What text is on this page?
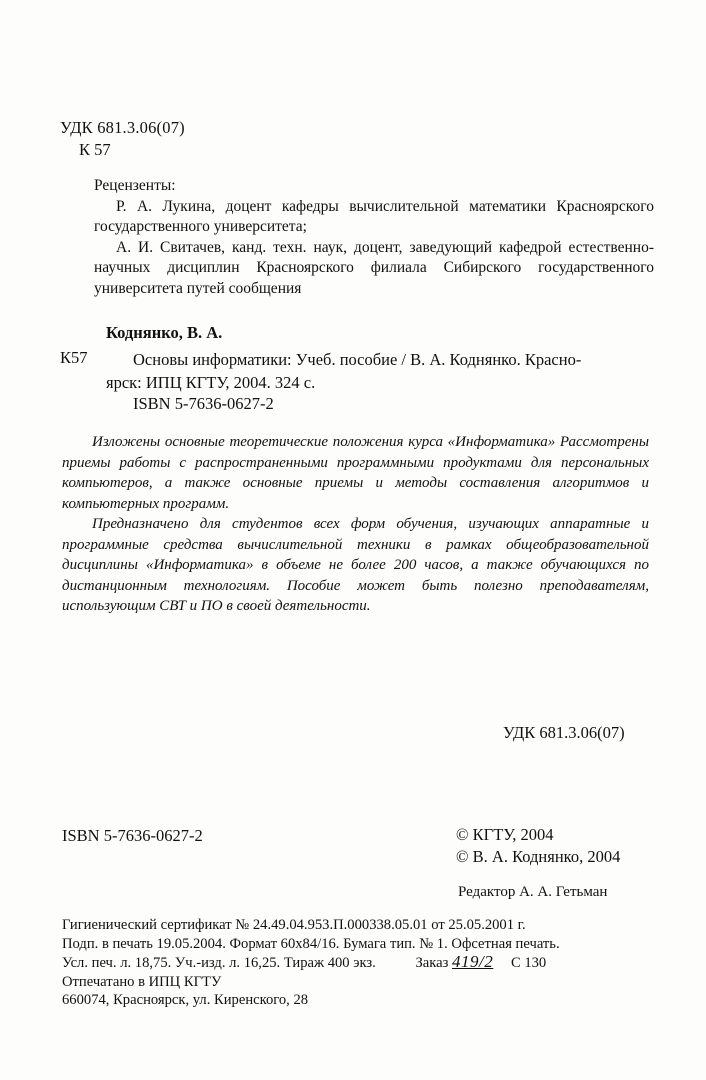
УДК 681.3.06(07)
К 57
Рецензенты:
Р. А. Лукина, доцент кафедры вычислительной математики Красноярского государственного университета;
А. И. Свитачев, канд. техн. наук, доцент, заведующий кафедрой естественно-научных дисциплин Красноярского филиала Сибирского государственного университета путей сообщения
Коднянко, В. А.
К57	Основы информатики: Учеб. пособие / В. А. Коднянко. Красно-
ярск: ИПЦ КГТУ, 2004. 324 с.
ISBN 5-7636-0627-2

Изложены основные теоретические положения курса «Информатика» Рассмотрены приемы работы с распространенными программными продуктами для персональных компьютеров, а также основные приемы и методы составления алгоритмов и компьютерных программ.

Предназначено для студентов всех форм обучения, изучающих аппаратные и программные средства вычислительной техники в рамках общеобразовательной дисциплины «Информатика» в объеме не более 200 часов, а также обучающихся по дистанционным технологиям. Пособие может быть полезно преподавателям, использующим СВТ и ПО в своей деятельности.

УДК 681.3.06(07)
ISBN 5-7636-0627-2	© КГТУ, 2004
© В. А. Коднянко, 2004
Редактор А. А. Гетьман
Гигиенический сертификат № 24.49.04.953.П.000338.05.01 от 25.05.2001 г.
Подп. в печать 19.05.2004. Формат 60х84/16. Бумага тип. № 1. Офсетная печать.
Усл. печ. л. 18,75. Уч.-изд. л. 16,25. Тираж 400 экз.	Заказ 419/2 С 130
Отпечатано в ИПЦ КГТУ
660074, Красноярск, ул. Киренского, 28
